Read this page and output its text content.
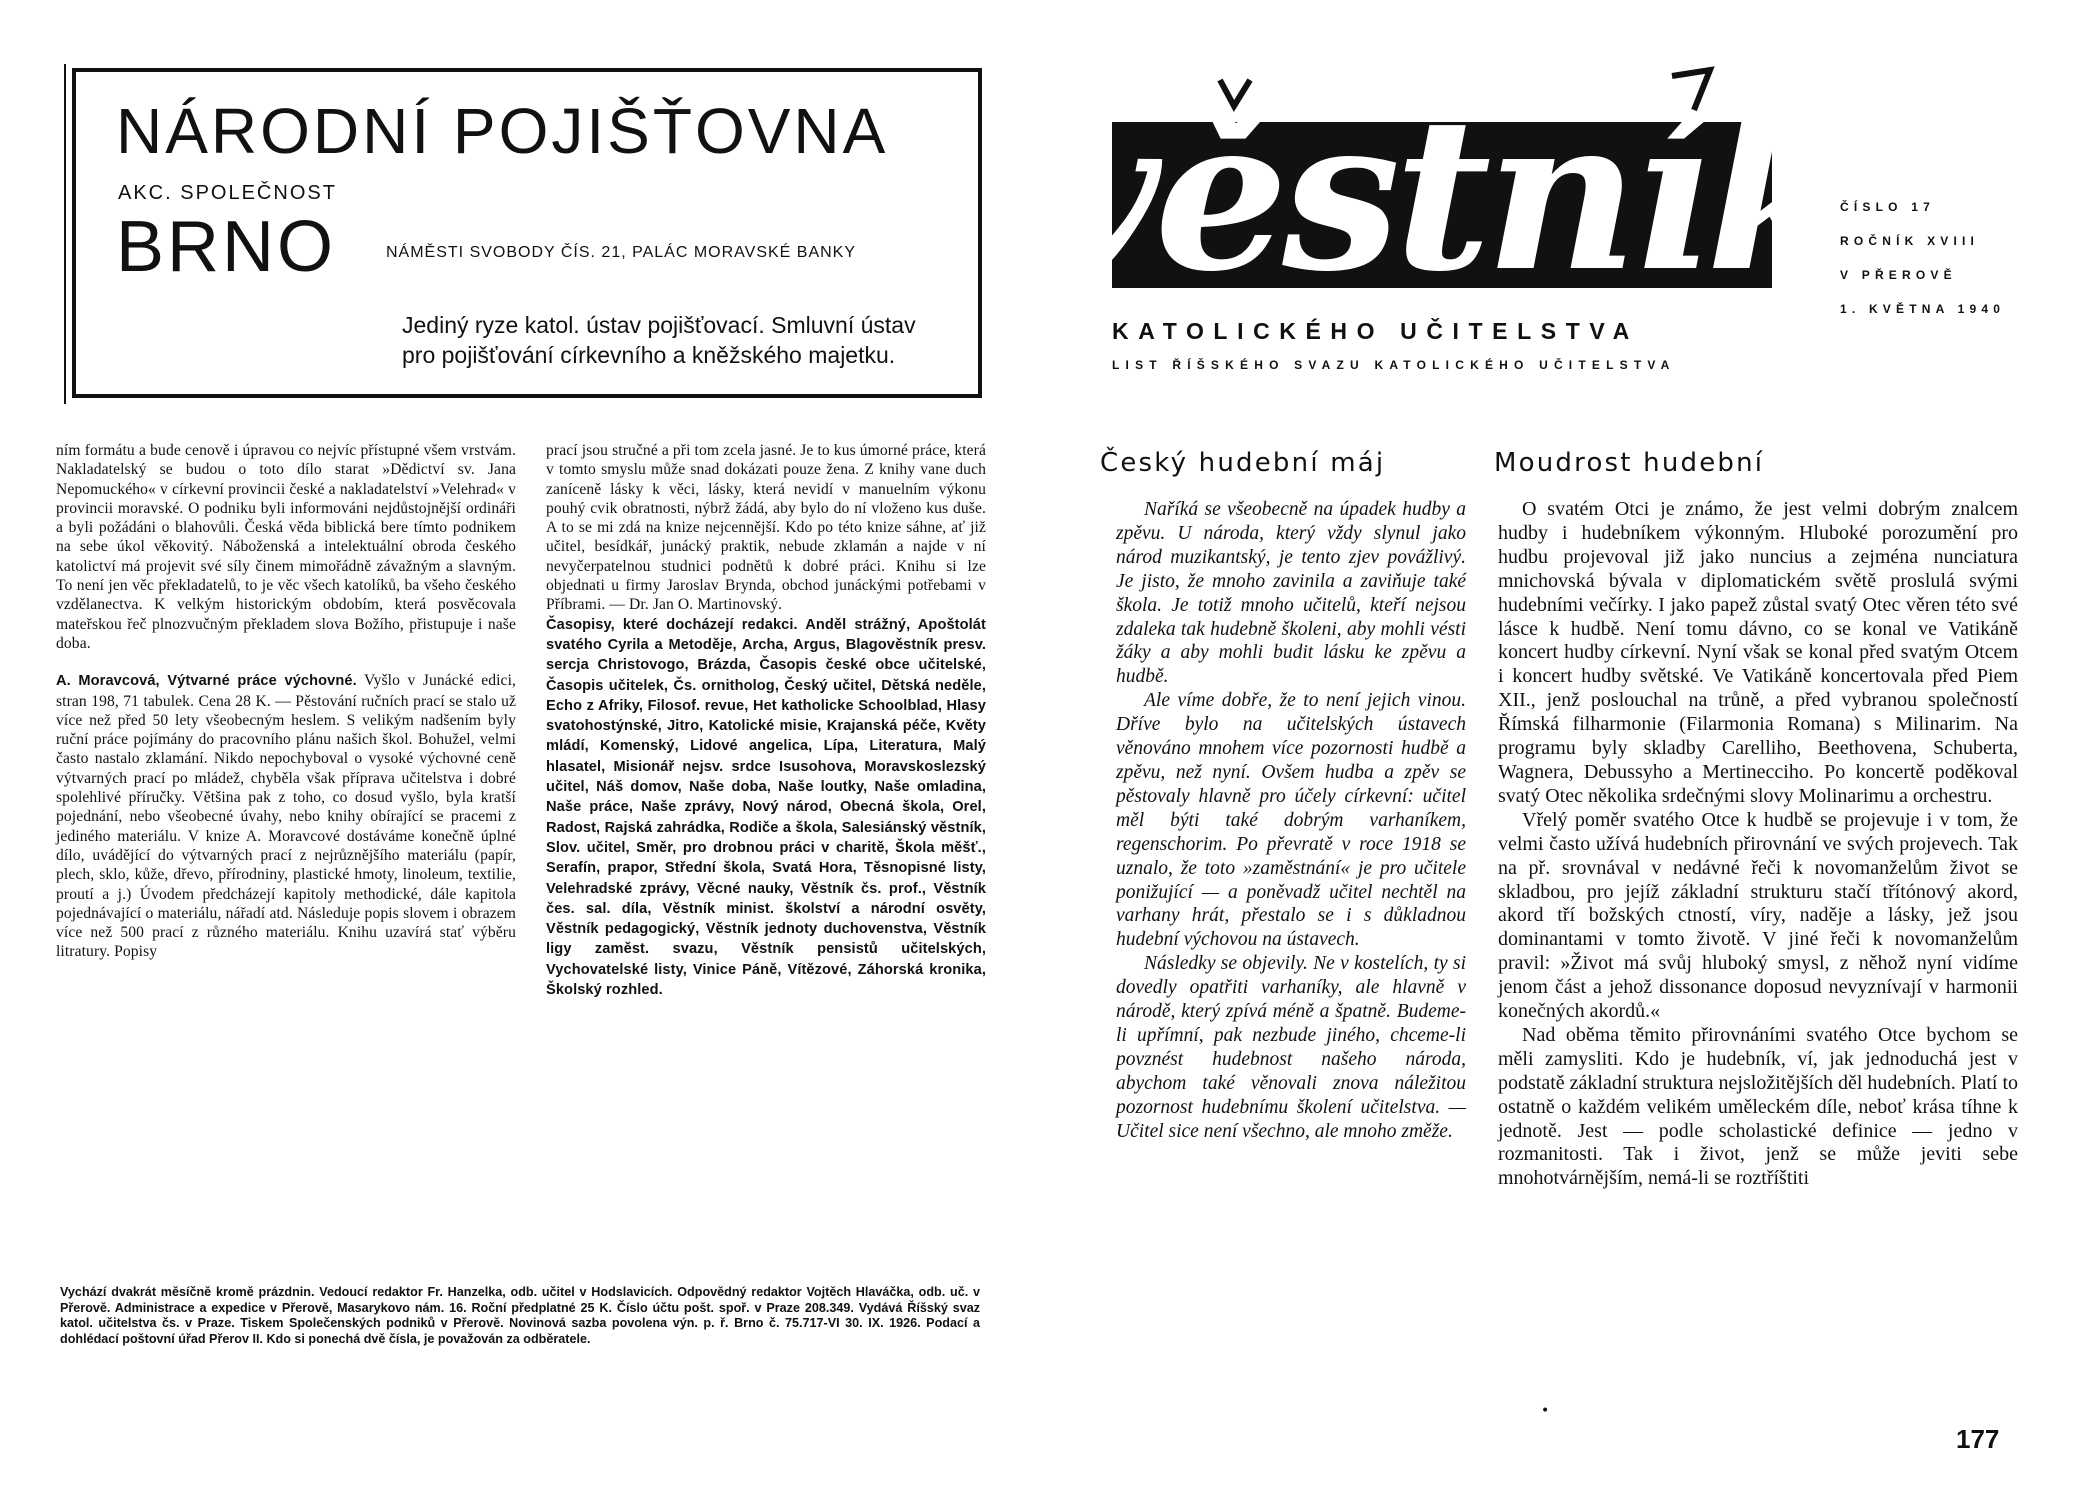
NÁRODNÍ POJIŠŤOVNA
AKC. SPOLEČNOST
BRNO	NÁMĚSTI SVOBODY ČÍS. 21, PALÁC MORAVSKÉ BANKY
Jediný ryze katol. ústav pojišťovací. Smluvní ústav
pro pojišťování církevního a kněžského majetku.

ním formátu a bude cenově i úpravou co nejvíc přístupné všem vrstvám. Nakladatelský se budou o toto dílo starat »Dědictví sv. Jana Nepomuckého« v církevní provincii české a nakladatelství »Velehrad« v provincii moravské. O podniku byli informováni nejdůstojnější ordináři a byli požádáni o blahovůli. Česká věda biblická bere tímto podnikem na sebe úkol věkovitý. Náboženská a intelektuální obroda českého katolictví má projevit své síly činem mimořádně závažným a slavným. To není jen věc překladatelů, to je věc všech katolíků, ba všeho českého vzdělanectva. K velkým historickým obdobím, která posvěcovala mateřskou řeč plnozvučným překladem slova Božího, přistupuje i naše doba.

A. Moravcová, Výtvarné práce výchovné. Vyšlo v Junácké edici, stran 198, 71 tabulek. Cena 28 K. — Pěstování ručních prací se stalo už více než před 50 lety všeobecným heslem. S velikým nadšením byly ruční práce pojímány do pracovního plánu našich škol. Bohužel, velmi často nastalo zklamání. Nikdo nepochyboval o vysoké výchovné ceně výtvarných prací po mládež, chyběla však příprava učitelstva i dobré spolehlivé příručky. Většina pak z toho, co dosud vyšlo, byla kratší pojednání, nebo všeobecné úvahy, nebo knihy obírající se pracemi z jediného materiálu. V knize A. Moravcové dostáváme konečně úplné dílo, uvádějící do výtvarných prací z nejrůznějšího materiálu (papír, plech, sklo, kůže, dřevo, přírodniny, plastické hmoty, linoleum, textilie, proutí a j.) Úvodem předcházejí kapitoly methodické, dále kapitola pojednávající o materiálu, nářadí atd. Následuje popis slovem i obrazem více než 500 prací z různého materiálu. Knihu uzavírá stať výběru litratury. Popisy

prací jsou stručné a při tom zcela jasné. Je to kus úmorné práce, která v tomto smyslu může snad dokázati pouze žena. Z knihy vane duch zaníceně lásky k věci, lásky, která nevidí v manuelním výkonu pouhý cvik obratnosti, nýbrž žádá, aby bylo do ní vloženo kus duše. A to se mi zdá na knize nejcennější. Kdo po této knize sáhne, ať již učitel, besídkář, junácký praktik, nebude zklamán a najde v ní nevyčerpatelnou studnici podnětů k dobré práci. Knihu si lze objednati u firmy Jaroslav Brynda, obchod junáckými potřebami v Příbrami. — Dr. Jan O. Martinovský.

Časopisy, které docházejí redakci. Anděl strážný, Apoštolát svatého Cyrila a Metoděje, Archa, Argus, Blagověstník presv. sercja Christovogo, Brázda, Časopis české obce učitelské, Časopis učitelek, Čs. ornitholog, Český učitel, Dětská neděle, Echo z Afriky, Filosof. revue, Het katholicke Schoolblad, Hlasy svatohostýnské, Jitro, Katolické misie, Krajanská péče, Květy mládí, Komenský, Lidové angelica, Lípa, Literatura, Malý hlasatel, Misionář nejsv. srdce Isusohova, Moravskoslezský učitel, Náš domov, Naše doba, Naše loutky, Naše omladina, Naše práce, Naše zprávy, Nový národ, Obecná škola, Orel, Radost, Rajská zahrádka, Rodiče a škola, Salesiánský věstník, Slov. učitel, Směr, pro drobnou práci v charitě, Škola měšť., Serafín, prapor, Střední škola, Svatá Hora, Těsnopisné listy, Velehradské zprávy, Věcné nauky, Věstník čs. prof., Věstník čes. sal. díla, Věstník minist. školství a národní osvěty, Věstník pedagogický, Věstník jednoty duchovenstva, Věstník ligy zaměst. svazu, Věstník pensistů učitelských, Vychovatelské listy, Vinice Páně, Vítězové, Záhorská kronika, Školský rozhled.

Vychází dvakrát měsíčně kromě prázdnin. Vedoucí redaktor Fr. Hanzelka, odb. učitel v Hodslavicích. Odpovědný redaktor Vojtěch Hlaváčka, odb. uč. v Přerově. Administrace a expedice v Přerově, Masarykovo nám. 16. Roční předplatné 25 K. Číslo účtu pošt. spoř. v Praze 208.349. Vydává Říšský svaz katol. učitelstva čs. v Praze. Tiskem Společenských podniků v Přerově. Novinová sazba povolena výn. p. ř. Brno č. 75.717-VI 30. IX. 1926. Podací a dohlédací poštovní úřad Přerov II. Kdo si ponechá dvě čísla, je považován za odběratele.

věstník
KATOLICKÉHO UČITELSTVA
LIST ŘÍŠSKÉHO SVAZU KATOLICKÉHO UČITELSTVA
ČÍSLO 17
ROČNÍK XVIII
V PŘEROVĚ
1. KVĚTNA 1940
Český hudební máj	Moudrost hudební

Naříká se všeobecně na úpadek hudby a zpěvu. U národa, který vždy slynul jako národ muzikantský, je tento zjev povážlivý. Je jisto, že mnoho zavinila a zaviňuje také škola. Je totiž mnoho učitelů, kteří nejsou zdaleka tak hudebně školeni, aby mohli vésti žáky a aby mohli budit lásku ke zpěvu a hudbě.

Ale víme dobře, že to není jejich vinou. Dříve bylo na učitelských ústavech věnováno mnohem více pozornosti hudbě a zpěvu, než nyní. Ovšem hudba a zpěv se pěstovaly hlavně pro účely církevní: učitel měl býti také dobrým varhaníkem, regenschorim. Po převratě v roce 1918 se uznalo, že toto »zaměstnání« je pro učitele ponižující — a poněvadž učitel nechtěl na varhany hrát, přestalo se i s důkladnou hudební výchovou na ústavech.

Následky se objevily. Ne v kostelích, ty si dovedly opatřiti varhaníky, ale hlavně v národě, který zpívá méně a špatně. Budeme-li upřímní, pak nezbude jiného, chceme-li povznést hudebnost našeho národa, abychom také věnovali znova náležitou pozornost hudebnímu školení učitelstva. — Učitel sice není všechno, ale mnoho změže.

O svatém Otci je známo, že jest velmi dobrým znalcem hudby i hudebníkem výkonným. Hluboké porozumění pro hudbu projevoval již jako nuncius a zejména nunciatura mnichovská bývala v diplomatickém světě proslulá svými hudebními večírky. I jako papež zůstal svatý Otec věren této své lásce k hudbě. Není tomu dávno, co se konal ve Vatikáně koncert hudby církevní. Nyní však se konal před svatým Otcem i koncert hudby světské. Ve Vatikáně koncertovala před Piem XII., jenž poslouchal na trůně, a před vybranou společností Římská filharmonie (Filarmonia Romana) s Milinarim. Na programu byly skladby Carelliho, Beethovena, Schuberta, Wagnera, Debussyho a Mertinecciho. Po koncertě poděkoval svatý Otec několika srdečnými slovy Molinarimu a orchestru.

Vřelý poměr svatého Otce k hudbě se projevuje i v tom, že velmi často užívá hudebních přirovnání ve svých projevech. Tak na př. srovnával v nedávné řeči k novomanželům život se skladbou, pro jejíž základní strukturu stačí třítónový akord, akord tří božských ctností, víry, naděje a lásky, jež jsou dominantami v tomto životě. V jiné řeči k novomanželům pravil: »Život má svůj hluboký smysl, z něhož nyní vidíme jenom část a jehož dissonance doposud nevyznívají v harmonii konečných akordů.«

Nad oběma těmito přirovnáními svatého Otce bychom se měli zamysliti. Kdo je hudebník, ví, jak jednoduchá jest v podstatě základní struktura nejsložitějších děl hudebních. Platí to ostatně o každém velikém uměleckém díle, neboť krása tíhne k jednotě. Jest — podle scholastické definice — jedno v rozmanitosti. Tak i život, jenž se může jeviti sebe mnohotvárnějším, nemá-li se roztříštiti

•
177
